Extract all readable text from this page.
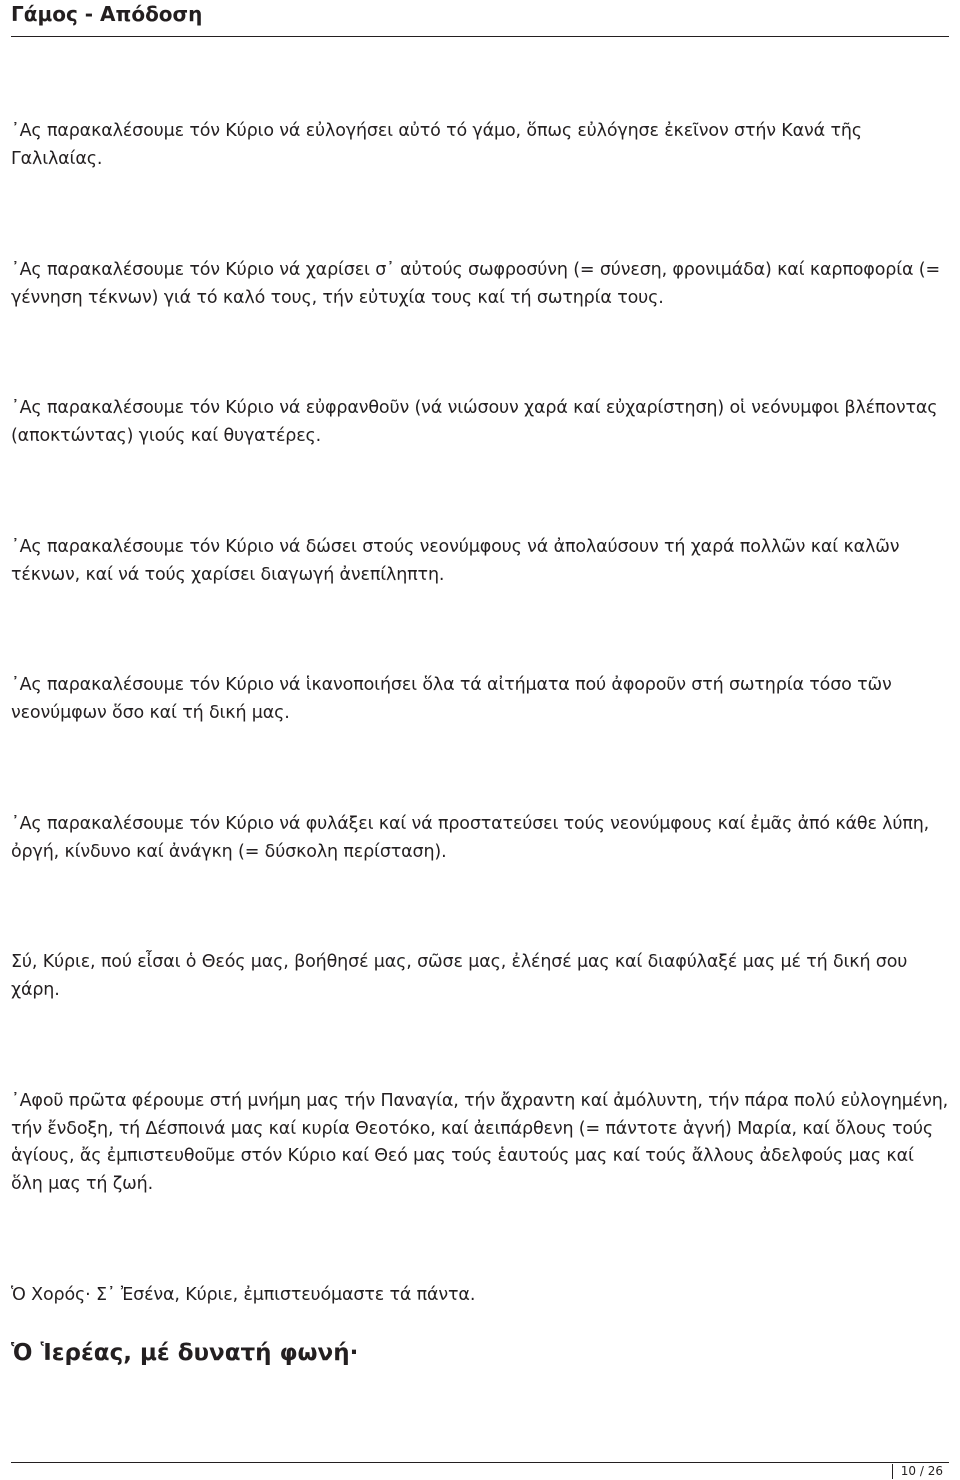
Γάμος - Απόδοση

᾽Ας παρακαλέσουμε τόν Κύριο νά εὐλογήσει αὐτό τό γάμο, ὅπως εὐλόγησε ἐκεῖνον στήν Κανά τῆς Γαλιλαίας.

᾽Ας παρακαλέσουμε τόν Κύριο νά χαρίσει σ᾽ αὐτούς σωφροσύνη (= σύνεση, φρονιμάδα) καί καρποφορία (= γέννηση τέκνων) γιά τό καλό τους, τήν εὐτυχία τους καί τή σωτηρία τους.

᾽Ας παρακαλέσουμε τόν Κύριο νά εὐφρανθοῦν (νά νιώσουν χαρά καί εὐχαρίστηση) οἱ νεόνυμφοι βλέποντας (αποκτώντας) γιούς καί θυγατέρες.

᾽Ας παρακαλέσουμε τόν Κύριο νά δώσει στούς νεονύμφους νά ἀπολαύσουν τή χαρά πολλῶν καί καλῶν τέκνων, καί νά τούς χαρίσει διαγωγή ἀνεπίληπτη.

᾽Ας παρακαλέσουμε τόν Κύριο νά ἱκανοποιήσει ὅλα τά αἰτήματα πού ἀφοροῦν στή σωτηρία τόσο τῶν νεονύμφων ὅσο καί τή δική μας.

᾽Ας παρακαλέσουμε τόν Κύριο νά φυλάξει καί νά προστατεύσει τούς νεονύμφους καί ἐμᾶς ἀπό κάθε λύπη, ὀργή, κίνδυνο καί ἀνάγκη (= δύσκολη περίσταση).

Σύ, Κύριε, πού εἶσαι ὁ Θεός μας, βοήθησέ μας, σῶσε μας, ἐλέησέ μας καί διαφύλαξέ μας μέ τή δική σου χάρη.

᾽Αφοῦ πρῶτα φέρουμε στή μνήμη μας τήν Παναγία, τήν ἄχραντη καί ἀμόλυντη, τήν πάρα πολύ εὐλογημένη, τήν ἔνδοξη, τή Δέσποινά μας καί κυρία Θεοτόκο, καί ἀειπάρθενη (= πάντοτε ἁγνή) Μαρία, καί ὅλους τούς ἁγίους, ἄς ἐμπιστευθοῦμε στόν Κύριο καί Θεό μας τούς ἑαυτούς μας καί τούς ἄλλους ἀδελφούς μας καί ὅλη μας τή ζωή.

Ὁ Χορός· Σ᾽ Ἐσένα, Κύριε, ἐμπιστευόμαστε τά πάντα.

Ὁ Ἱερέας, μέ δυνατή φωνή·
10 / 26
